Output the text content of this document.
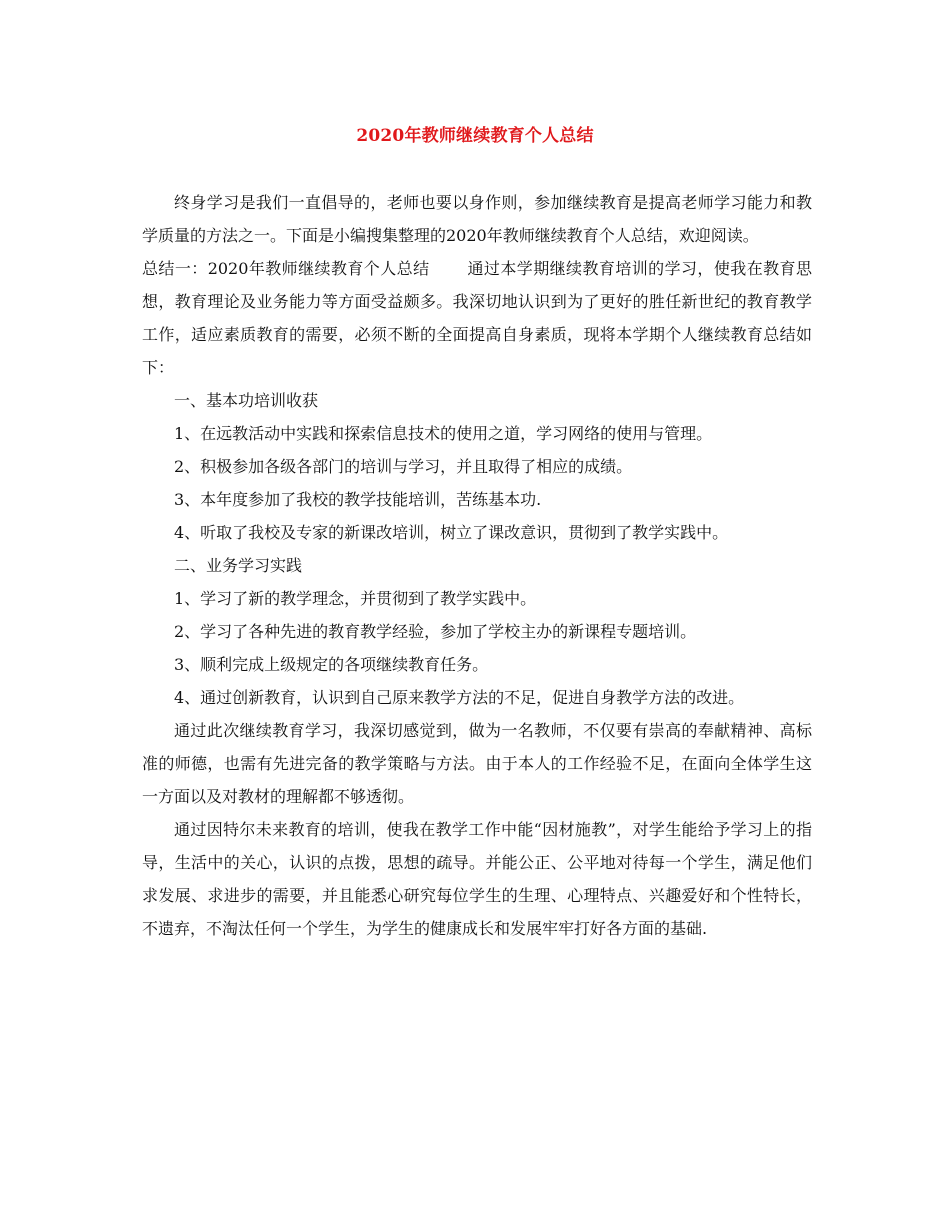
2020年教师继续教育个人总结

终身学习是我们一直倡导的，老师也要以身作则，参加继续教育是提高老师学习能力和教学质量的方法之一。下面是小编搜集整理的2020年教师继续教育个人总结，欢迎阅读。

总结一：2020年教师继续教育个人总结 通过本学期继续教育培训的学习，使我在教育思想，教育理论及业务能力等方面受益颇多。我深切地认识到为了更好的胜任新世纪的教育教学工作，适应素质教育的需要，必须不断的全面提高自身素质，现将本学期个人继续教育总结如下：

一、基本功培训收获

1、在远教活动中实践和探索信息技术的使用之道，学习网络的使用与管理。

2、积极参加各级各部门的培训与学习，并且取得了相应的成绩。

3、本年度参加了我校的教学技能培训，苦练基本功.

4、听取了我校及专家的新课改培训，树立了课改意识，贯彻到了教学实践中。

二、业务学习实践

1、学习了新的教学理念，并贯彻到了教学实践中。

2、学习了各种先进的教育教学经验，参加了学校主办的新课程专题培训。

3、顺利完成上级规定的各项继续教育任务。

4、通过创新教育，认识到自己原来教学方法的不足，促进自身教学方法的改进。

通过此次继续教育学习，我深切感觉到，做为一名教师，不仅要有崇高的奉献精神、高标准的师德，也需有先进完备的教学策略与方法。由于本人的工作经验不足，在面向全体学生这一方面以及对教材的理解都不够透彻。

通过因特尔未来教育的培训，使我在教学工作中能“因材施教”，对学生能给予学习上的指导，生活中的关心，认识的点拨，思想的疏导。并能公正、公平地对待每一个学生，满足他们求发展、求进步的需要，并且能悉心研究每位学生的生理、心理特点、兴趣爱好和个性特长，不遗弃，不淘汰任何一个学生，为学生的健康成长和发展牢牢打好各方面的基础.
